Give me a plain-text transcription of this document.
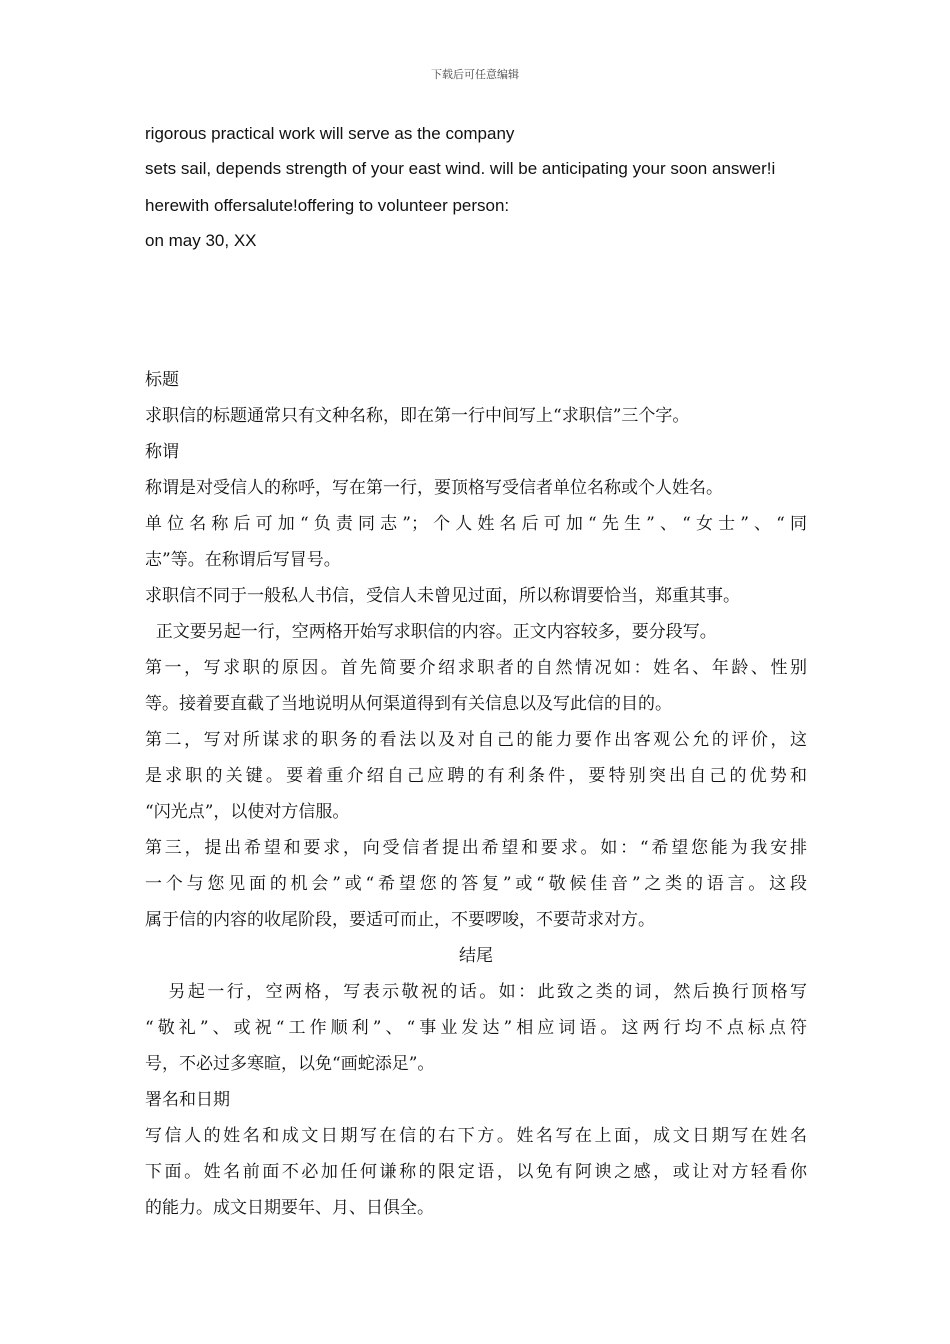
下载后可任意编辑
rigorous practical work will serve as the company
sets sail, depends strength of your east wind. will be anticipating your soon answer!i
herewith offersalute!offering to volunteer person:
on may 30, XX
标题
求职信的标题通常只有文种名称，即在第一行中间写上“求职信”三个字。
称谓
称谓是对受信人的称呼，写在第一行，要顶格写受信者单位名称或个人姓名。
单位名称后可加“负责同志”；个人姓名后可加“先生”、“女士”、“同
志”等。在称谓后写冒号。
求职信不同于一般私人书信，受信人未曾见过面，所以称谓要恰当，郑重其事。
正文要另起一行，空两格开始写求职信的内容。正文内容较多，要分段写。
第一，写求职的原因。首先简要介绍求职者的自然情况如：姓名、年龄、性别
等。接着要直截了当地说明从何渠道得到有关信息以及写此信的目的。
第二，写对所谋求的职务的看法以及对自己的能力要作出客观公允的评价，这
是求职的关键。要着重介绍自己应聘的有利条件，要特别突出自己的优势和
“闪光点”，以使对方信服。
第三，提出希望和要求，向受信者提出希望和要求。如：“希望您能为我安排
一个与您见面的机会”或“希望您的答复”或“敬候佳音”之类的语言。这段
属于信的内容的收尾阶段，要适可而止，不要啰唆，不要苛求对方。
结尾
另起一行，空两格，写表示敬祝的话。如：此致之类的词，然后换行顶格写
“敬礼”、或祝“工作顺利”、“事业发达”相应词语。这两行均不点标点符
号，不必过多寒暄，以免“画蛇添足”。
署名和日期
写信人的姓名和成文日期写在信的右下方。姓名写在上面，成文日期写在姓名
下面。姓名前面不必加任何谦称的限定语，以免有阿谀之感，或让对方轻看你
的能力。成文日期要年、月、日俱全。
